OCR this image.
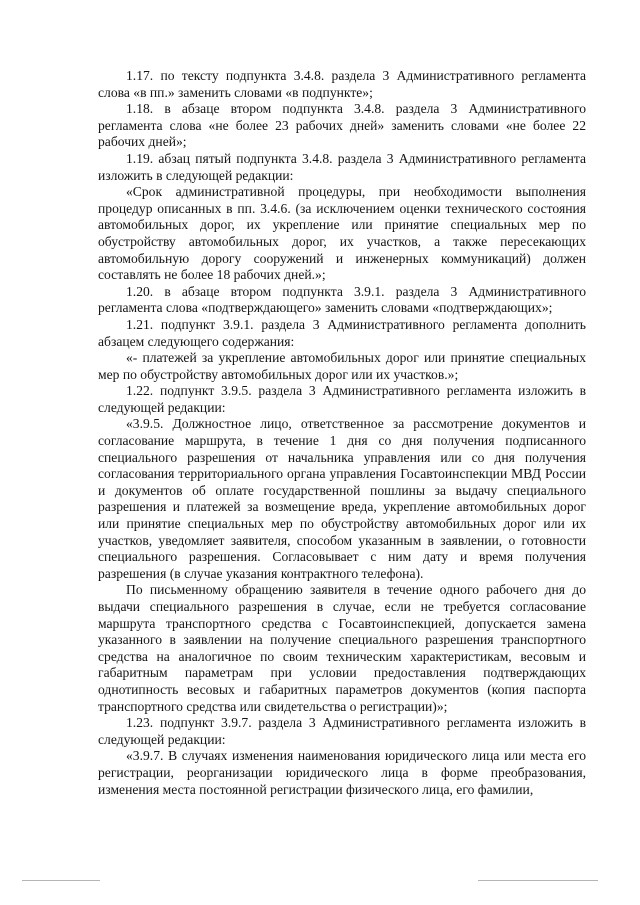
1.17. по тексту подпункта 3.4.8. раздела 3 Административного регламента слова «в пп.» заменить словами «в подпункте»;

1.18. в абзаце втором подпункта 3.4.8. раздела 3 Административного регламента слова «не более 23 рабочих дней» заменить словами «не более 22 рабочих дней»;

1.19. абзац пятый подпункта 3.4.8. раздела 3 Административного регламента изложить в следующей редакции:

«Срок административной процедуры, при необходимости выполнения процедур описанных в пп. 3.4.6. (за исключением оценки технического состояния автомобильных дорог, их укрепление или принятие специальных мер по обустройству автомобильных дорог, их участков, а также пересекающих автомобильную дорогу сооружений и инженерных коммуникаций) должен составлять не более 18 рабочих дней.»;

1.20. в абзаце втором подпункта 3.9.1. раздела 3 Административного регламента слова «подтверждающего» заменить словами «подтверждающих»;

1.21. подпункт 3.9.1. раздела 3 Административного регламента дополнить абзацем следующего содержания:

«- платежей за укрепление автомобильных дорог или принятие специальных мер по обустройству автомобильных дорог или их участков.»;

1.22. подпункт 3.9.5. раздела 3 Административного регламента изложить в следующей редакции:

«3.9.5. Должностное лицо, ответственное за рассмотрение документов и согласование маршрута, в течение 1 дня со дня получения подписанного специального разрешения от начальника управления или со дня получения согласования территориального органа управления Госавтоинспекции МВД России и документов об оплате государственной пошлины за выдачу специального разрешения и платежей за возмещение вреда, укрепление автомобильных дорог или принятие специальных мер по обустройству автомобильных дорог или их участков, уведомляет заявителя, способом указанным в заявлении, о готовности специального разрешения. Согласовывает с ним дату и время получения разрешения (в случае указания контрактного телефона).

По письменному обращению заявителя в течение одного рабочего дня до выдачи специального разрешения в случае, если не требуется согласование маршрута транспортного средства с Госавтоинспекцией, допускается замена указанного в заявлении на получение специального разрешения транспортного средства на аналогичное по своим техническим характеристикам, весовым и габаритным параметрам при условии предоставления подтверждающих однотипность весовых и габаритных параметров документов (копия паспорта транспортного средства или свидетельства о регистрации)»;

1.23. подпункт 3.9.7. раздела 3 Административного регламента изложить в следующей редакции:

«3.9.7. В случаях изменения наименования юридического лица или места его регистрации, реорганизации юридического лица в форме преобразования, изменения места постоянной регистрации физического лица, его фамилии,
